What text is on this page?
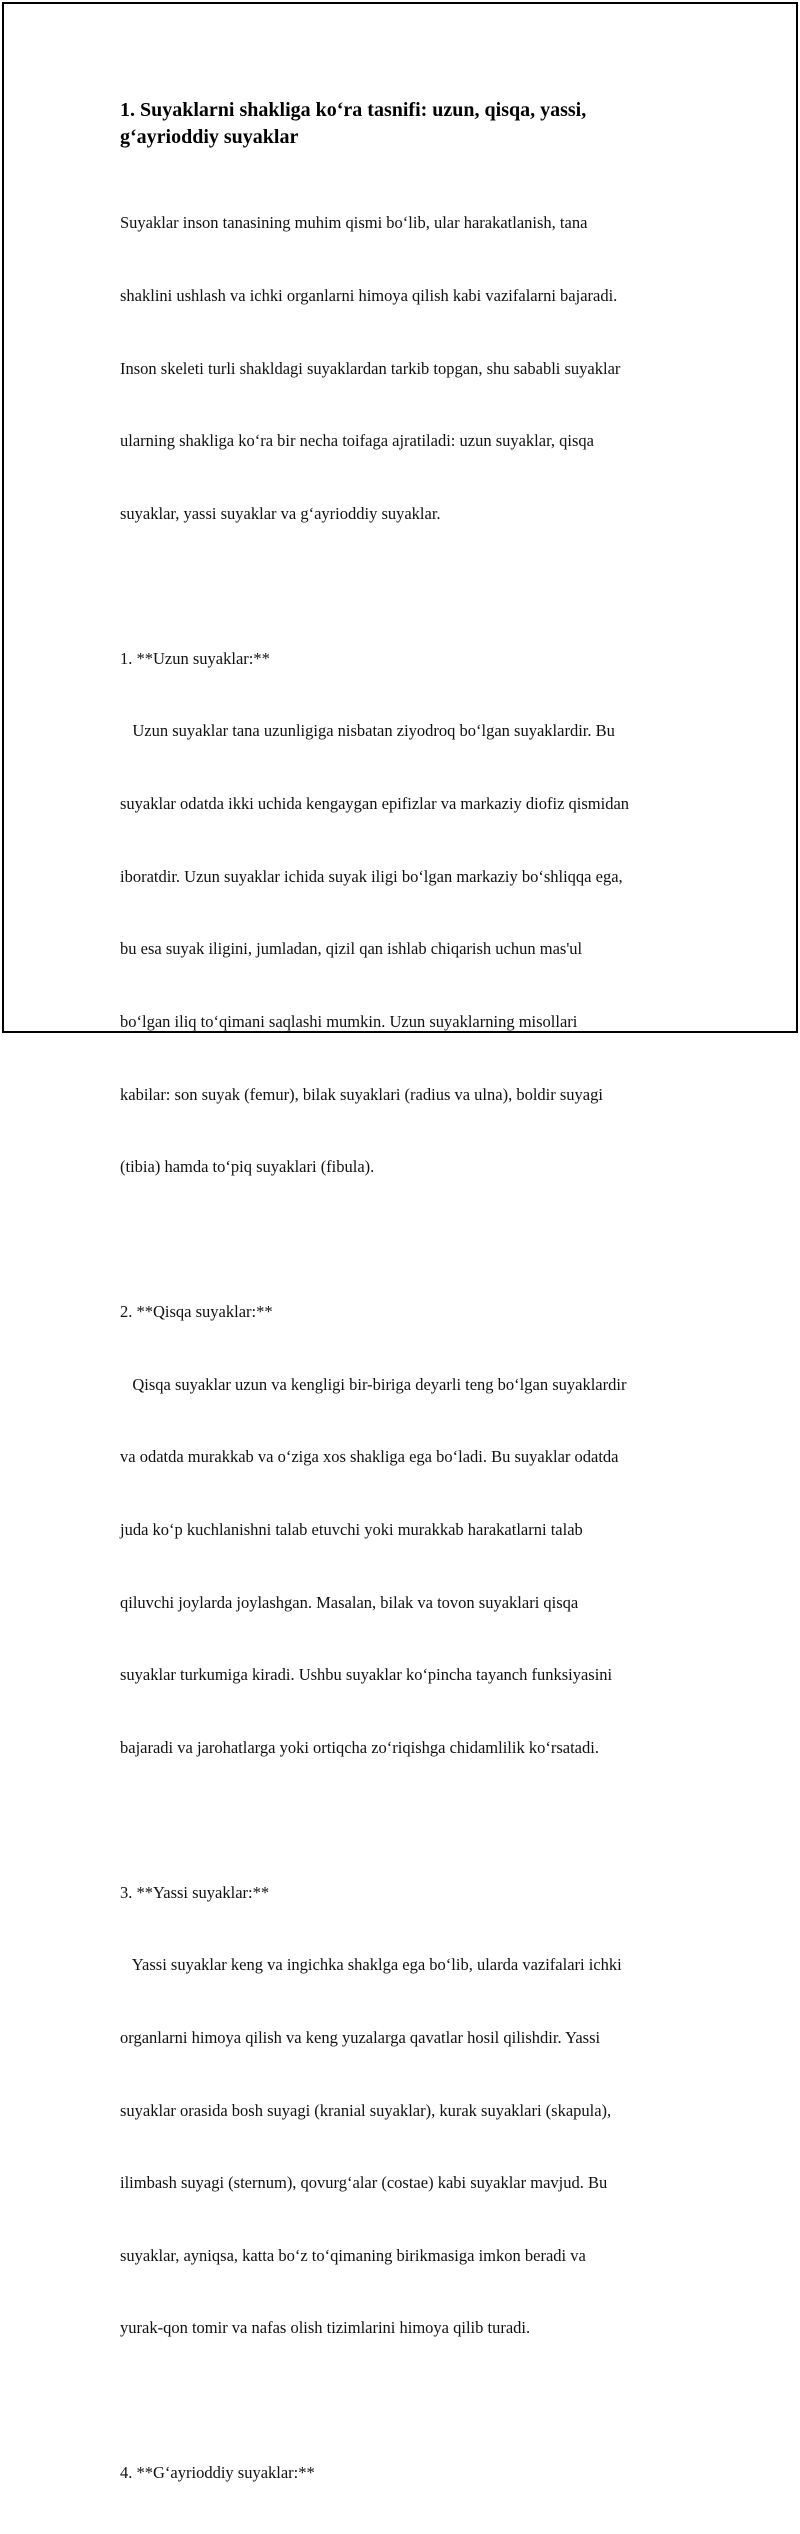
1. Suyaklarni shakliga ko‘ra tasnifi: uzun, qisqa, yassi,
g‘ayrioddiy suyaklar

Suyaklar inson tanasining muhim qismi bo‘lib, ular harakatlanish, tana

shaklini ushlash va ichki organlarni himoya qilish kabi vazifalarni bajaradi.

Inson skeleti turli shakldagi suyaklardan tarkib topgan, shu sababli suyaklar

ularning shakliga ko‘ra bir necha toifaga ajratiladi: uzun suyaklar, qisqa

suyaklar, yassi suyaklar va g‘ayrioddiy suyaklar.

1. **Uzun suyaklar:**

Uzun suyaklar tana uzunligiga nisbatan ziyodroq bo‘lgan suyaklardir. Bu

suyaklar odatda ikki uchida kengaygan epifizlar va markaziy diofiz qismidan

iboratdir. Uzun suyaklar ichida suyak iligi bo‘lgan markaziy bo‘shliqqa ega,

bu esa suyak iligini, jumladan, qizil qan ishlab chiqarish uchun mas'ul

bo‘lgan iliq to‘qimani saqlashi mumkin. Uzun suyaklarning misollari

kabilar: son suyak (femur), bilak suyaklari (radius va ulna), boldir suyagi

(tibia) hamda to‘piq suyaklari (fibula).

2. **Qisqa suyaklar:**

Qisqa suyaklar uzun va kengligi bir-biriga deyarli teng bo‘lgan suyaklardir

va odatda murakkab va o‘ziga xos shakliga ega bo‘ladi. Bu suyaklar odatda

juda ko‘p kuchlanishni talab etuvchi yoki murakkab harakatlarni talab

qiluvchi joylarda joylashgan. Masalan, bilak va tovon suyaklari qisqa

suyaklar turkumiga kiradi. Ushbu suyaklar ko‘pincha tayanch funksiyasini

bajaradi va jarohatlarga yoki ortiqcha zo‘riqishga chidamlilik ko‘rsatadi.

3. **Yassi suyaklar:**

Yassi suyaklar keng va ingichka shaklga ega bo‘lib, ularda vazifalari ichki

organlarni himoya qilish va keng yuzalarga qavatlar hosil qilishdir. Yassi

suyaklar orasida bosh suyagi (kranial suyaklar), kurak suyaklari (skapula),

ilimbash suyagi (sternum), qovurg‘alar (costae) kabi suyaklar mavjud. Bu

suyaklar, ayniqsa, katta bo‘z to‘qimaning birikmasiga imkon beradi va

yurak-qon tomir va nafas olish tizimlarini himoya qilib turadi.

4. **G‘ayrioddiy suyaklar:**
